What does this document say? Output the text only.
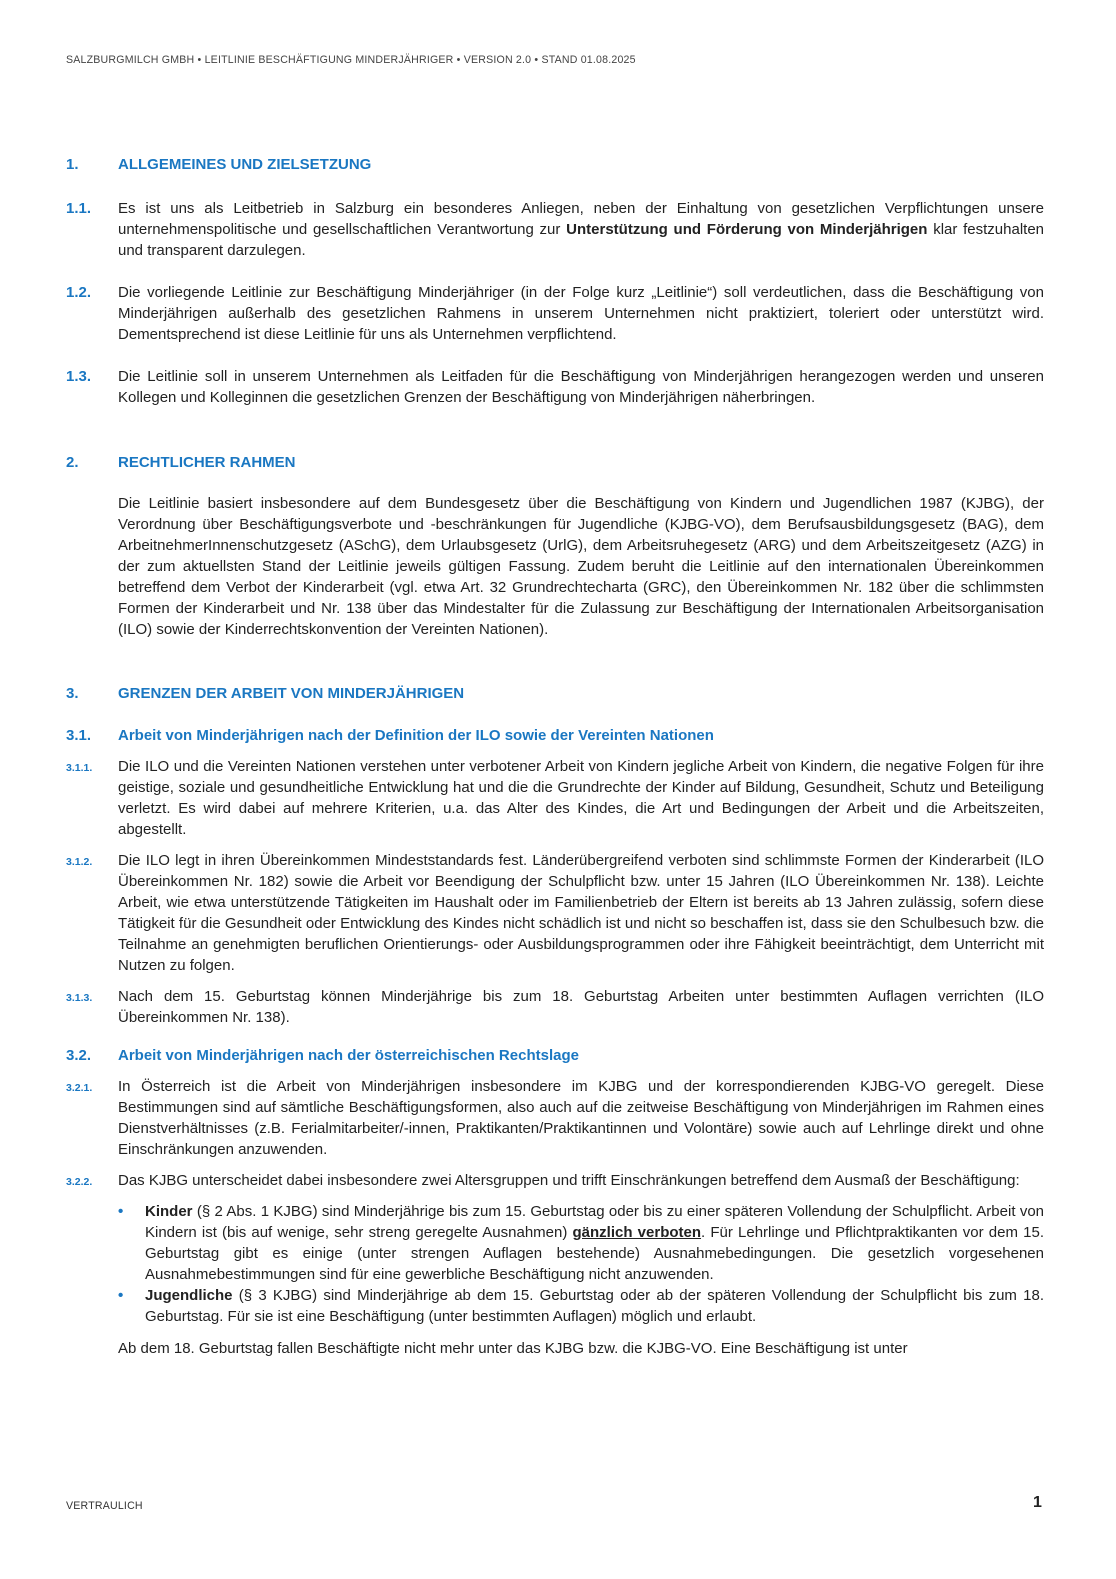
SALZBURGMILCH GMBH • LEITLINIE BESCHÄFTIGUNG MINDERJÄHRIGER • VERSION 2.0 • STAND 01.08.2025
1.	ALLGEMEINES UND ZIELSETZUNG
1.1. Es ist uns als Leitbetrieb in Salzburg ein besonderes Anliegen, neben der Einhaltung von gesetzlichen Verpflichtungen unsere unternehmenspolitische und gesellschaftlichen Verantwortung zur Unterstützung und Förderung von Minderjährigen klar festzuhalten und transparent darzulegen.
1.2. Die vorliegende Leitlinie zur Beschäftigung Minderjähriger (in der Folge kurz „Leitlinie“) soll verdeutlichen, dass die Beschäftigung von Minderjährigen außerhalb des gesetzlichen Rahmens in unserem Unternehmen nicht praktiziert, toleriert oder unterstützt wird. Dementsprechend ist diese Leitlinie für uns als Unternehmen verpflichtend.
1.3. Die Leitlinie soll in unserem Unternehmen als Leitfaden für die Beschäftigung von Minderjährigen herangezogen werden und unseren Kollegen und Kolleginnen die gesetzlichen Grenzen der Beschäftigung von Minderjährigen näherbringen.
2.	RECHTLICHER RAHMEN
Die Leitlinie basiert insbesondere auf dem Bundesgesetz über die Beschäftigung von Kindern und Jugendlichen 1987 (KJBG), der Verordnung über Beschäftigungsverbote und -beschränkungen für Jugendliche (KJBG-VO), dem Berufsausbildungsgesetz (BAG), dem ArbeitnehmerInnenschutzgesetz (ASchG), dem Urlaubsgesetz (UrlG), dem Arbeitsruhegesetz (ARG) und dem Arbeitszeitgesetz (AZG) in der zum aktuellsten Stand der Leitlinie jeweils gültigen Fassung. Zudem beruht die Leitlinie auf den internationalen Übereinkommen betreffend dem Verbot der Kinderarbeit (vgl. etwa Art. 32 Grundrechtecharta (GRC), den Übereinkommen Nr. 182 über die schlimmsten Formen der Kinderarbeit und Nr. 138 über das Mindestalter für die Zulassung zur Beschäftigung der Internationalen Arbeitsorganisation (ILO) sowie der Kinderrechtskonvention der Vereinten Nationen).
3.	GRENZEN DER ARBEIT VON MINDERJÄHRIGEN
3.1. Arbeit von Minderjährigen nach der Definition der ILO sowie der Vereinten Nationen
3.1.1. Die ILO und die Vereinten Nationen verstehen unter verbotener Arbeit von Kindern jegliche Arbeit von Kindern, die negative Folgen für ihre geistige, soziale und gesundheitliche Entwicklung hat und die die Grundrechte der Kinder auf Bildung, Gesundheit, Schutz und Beteiligung verletzt. Es wird dabei auf mehrere Kriterien, u.a. das Alter des Kindes, die Art und Bedingungen der Arbeit und die Arbeitszeiten, abgestellt.
3.1.2. Die ILO legt in ihren Übereinkommen Mindeststandards fest. Länderübergreifend verboten sind schlimmste Formen der Kinderarbeit (ILO Übereinkommen Nr. 182) sowie die Arbeit vor Beendigung der Schulpflicht bzw. unter 15 Jahren (ILO Übereinkommen Nr. 138). Leichte Arbeit, wie etwa unterstützende Tätigkeiten im Haushalt oder im Familienbetrieb der Eltern ist bereits ab 13 Jahren zulässig, sofern diese Tätigkeit für die Gesundheit oder Entwicklung des Kindes nicht schädlich ist und nicht so beschaffen ist, dass sie den Schulbesuch bzw. die Teilnahme an genehmigten beruflichen Orientierungs- oder Ausbildungsprogrammen oder ihre Fähigkeit beeinträchtigt, dem Unterricht mit Nutzen zu folgen.
3.1.3. Nach dem 15. Geburtstag können Minderjährige bis zum 18. Geburtstag Arbeiten unter bestimmten Auflagen verrichten (ILO Übereinkommen Nr. 138).
3.2. Arbeit von Minderjährigen nach der österreichischen Rechtslage
3.2.1. In Österreich ist die Arbeit von Minderjährigen insbesondere im KJBG und der korrespondierenden KJBG-VO geregelt. Diese Bestimmungen sind auf sämtliche Beschäftigungsformen, also auch auf die zeitweise Beschäftigung von Minderjährigen im Rahmen eines Dienstverhältnisses (z.B. Ferialmitarbeiter/-innen, Praktikanten/Praktikantinnen und Volontäre) sowie auch auf Lehrlinge direkt und ohne Einschränkungen anzuwenden.
3.2.2. Das KJBG unterscheidet dabei insbesondere zwei Altersgruppen und trifft Einschränkungen betreffend dem Ausmaß der Beschäftigung:
• Kinder (§ 2 Abs. 1 KJBG) sind Minderjährige bis zum 15. Geburtstag oder bis zu einer späteren Vollendung der Schulpflicht. Arbeit von Kindern ist (bis auf wenige, sehr streng geregelte Ausnahmen) gänzlich verboten. Für Lehrlinge und Pflichtpraktikanten vor dem 15. Geburtstag gibt es einige (unter strengen Auflagen bestehende) Ausnahmebedingungen. Die gesetzlich vorgesehenen Ausnahmebestimmungen sind für eine gewerbliche Beschäftigung nicht anzuwenden.
• Jugendliche (§ 3 KJBG) sind Minderjährige ab dem 15. Geburtstag oder ab der späteren Vollendung der Schulpflicht bis zum 18. Geburtstag. Für sie ist eine Beschäftigung (unter bestimmten Auflagen) möglich und erlaubt.
Ab dem 18. Geburtstag fallen Beschäftigte nicht mehr unter das KJBG bzw. die KJBG-VO. Eine Beschäftigung ist unter
VERTRAULICH	1
